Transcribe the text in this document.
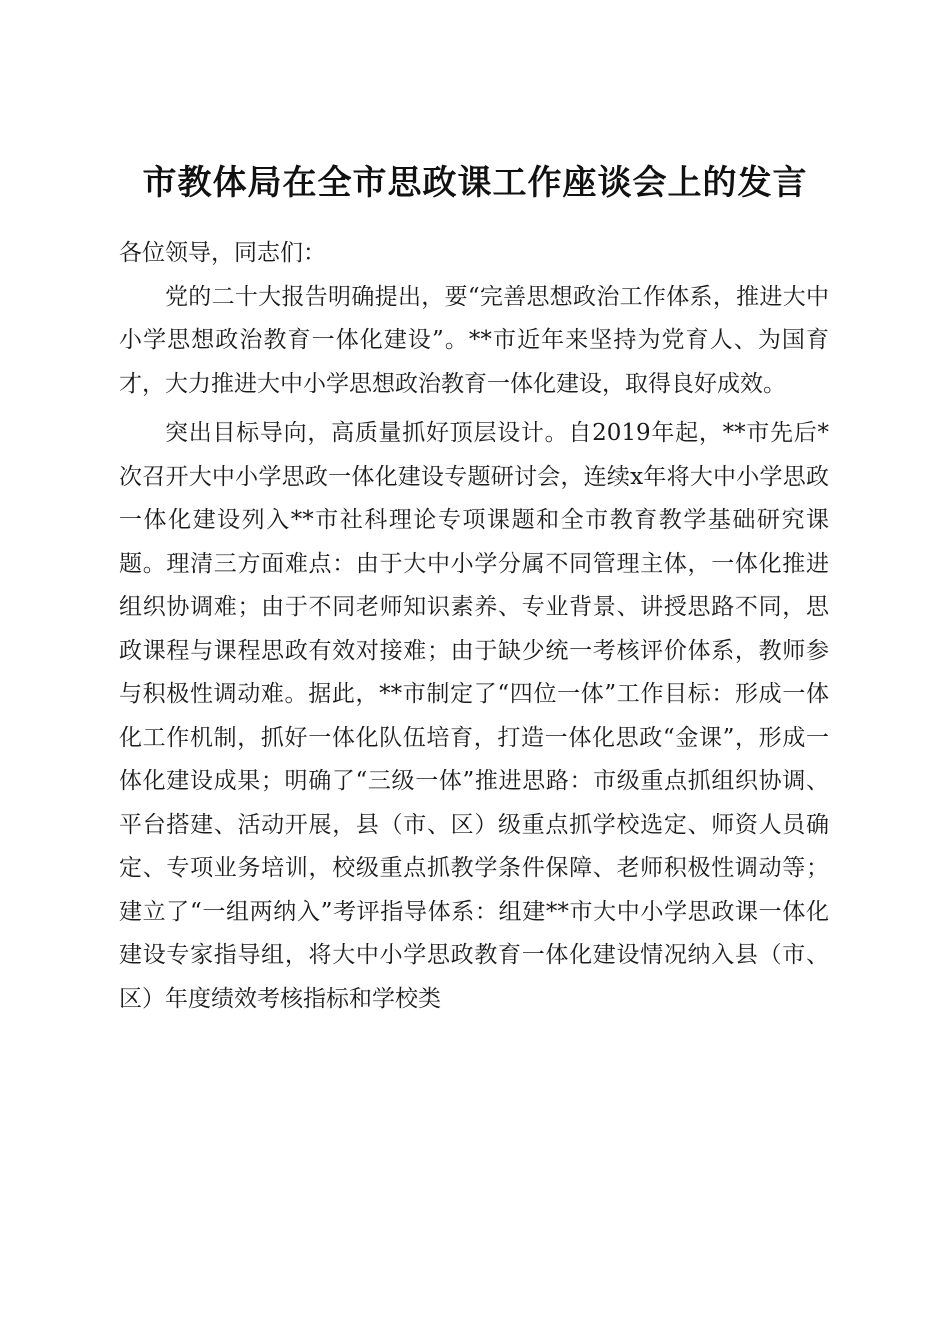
市教体局在全市思政课工作座谈会上的发言

各位领导，同志们：

党的二十大报告明确提出，要“完善思想政治工作体系，推进大中小学思想政治教育一体化建设”。**市近年来坚持为党育人、为国育才，大力推进大中小学思想政治教育一体化建设，取得良好成效。

突出目标导向，高质量抓好顶层设计。自2019年起，**市先后*次召开大中小学思政一体化建设专题研讨会，连续x年将大中小学思政一体化建设列入**市社科理论专项课题和全市教育教学基础研究课题。理清三方面难点：由于大中小学分属不同管理主体，一体化推进组织协调难；由于不同老师知识素养、专业背景、讲授思路不同，思政课程与课程思政有效对接难；由于缺少统一考核评价体系，教师参与积极性调动难。据此，**市制定了“四位一体”工作目标：形成一体化工作机制，抓好一体化队伍培育，打造一体化思政“金课”，形成一体化建设成果；明确了“三级一体”推进思路：市级重点抓组织协调、平台搭建、活动开展，县（市、区）级重点抓学校选定、师资人员确定、专项业务培训，校级重点抓教学条件保障、老师积极性调动等；建立了“一组两纳入”考评指导体系：组建**市大中小学思政课一体化建设专家指导组，将大中小学思政教育一体化建设情况纳入县（市、区）年度绩效考核指标和学校类
